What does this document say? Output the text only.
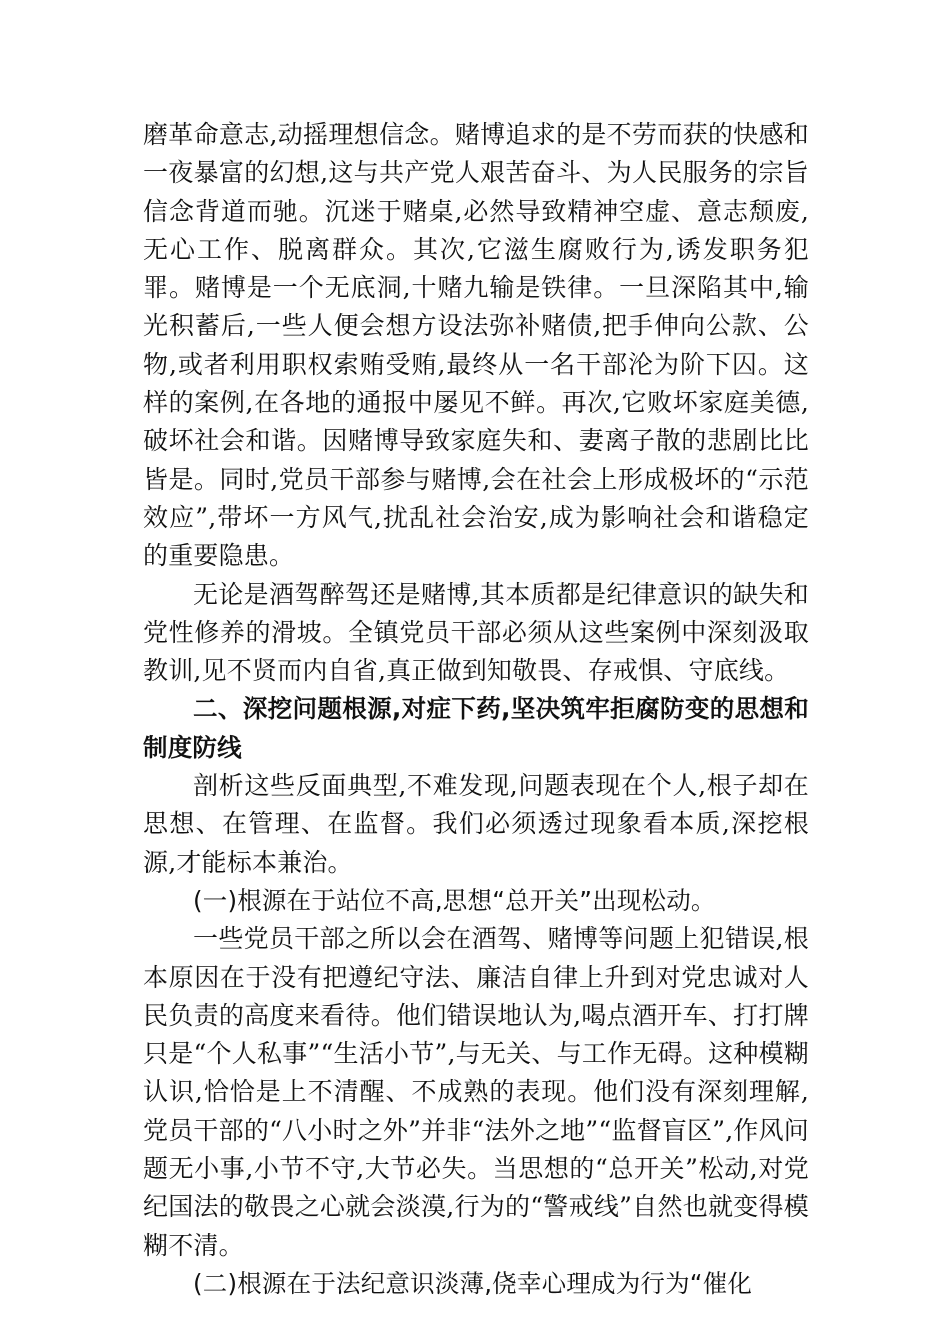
磨革命意志,动摇理想信念。赌博追求的是不劳而获的快感和一夜暴富的幻想,这与共产党人艰苦奋斗、为人民服务的宗旨信念背道而驰。沉迷于赌桌,必然导致精神空虚、意志颓废,无心工作、脱离群众。其次,它滋生腐败行为,诱发职务犯罪。赌博是一个无底洞,十赌九输是铁律。一旦深陷其中,输光积蓄后,一些人便会想方设法弥补赌债,把手伸向公款、公物,或者利用职权索贿受贿,最终从一名干部沦为阶下囚。这样的案例,在各地的通报中屡见不鲜。再次,它败坏家庭美德,破坏社会和谐。因赌博导致家庭失和、妻离子散的悲剧比比皆是。同时,党员干部参与赌博,会在社会上形成极坏的“示范效应”,带坏一方风气,扰乱社会治安,成为影响社会和谐稳定的重要隐患。

无论是酒驾醉驾还是赌博,其本质都是纪律意识的缺失和党性修养的滑坡。全镇党员干部必须从这些案例中深刻汲取教训,见不贤而内自省,真正做到知敬畏、存戒惧、守底线。

二、深挖问题根源,对症下药,坚决筑牢拒腐防变的思想和制度防线

剖析这些反面典型,不难发现,问题表现在个人,根子却在思想、在管理、在监督。我们必须透过现象看本质,深挖根源,才能标本兼治。

(一)根源在于站位不高,思想“总开关”出现松动。

一些党员干部之所以会在酒驾、赌博等问题上犯错误,根本原因在于没有把遵纪守法、廉洁自律上升到对党忠诚对人民负责的高度来看待。他们错误地认为,喝点酒开车、打打牌只是“个人私事”“生活小节”,与无关、与工作无碍。这种模糊认识,恰恰是上不清醒、不成熟的表现。他们没有深刻理解,党员干部的“八小时之外”并非“法外之地”“监督盲区”,作风问题无小事,小节不守,大节必失。当思想的“总开关”松动,对党纪国法的敬畏之心就会淡漠,行为的“警戒线”自然也就变得模糊不清。

(二)根源在于法纪意识淡薄,侥幸心理成为行为“催化
